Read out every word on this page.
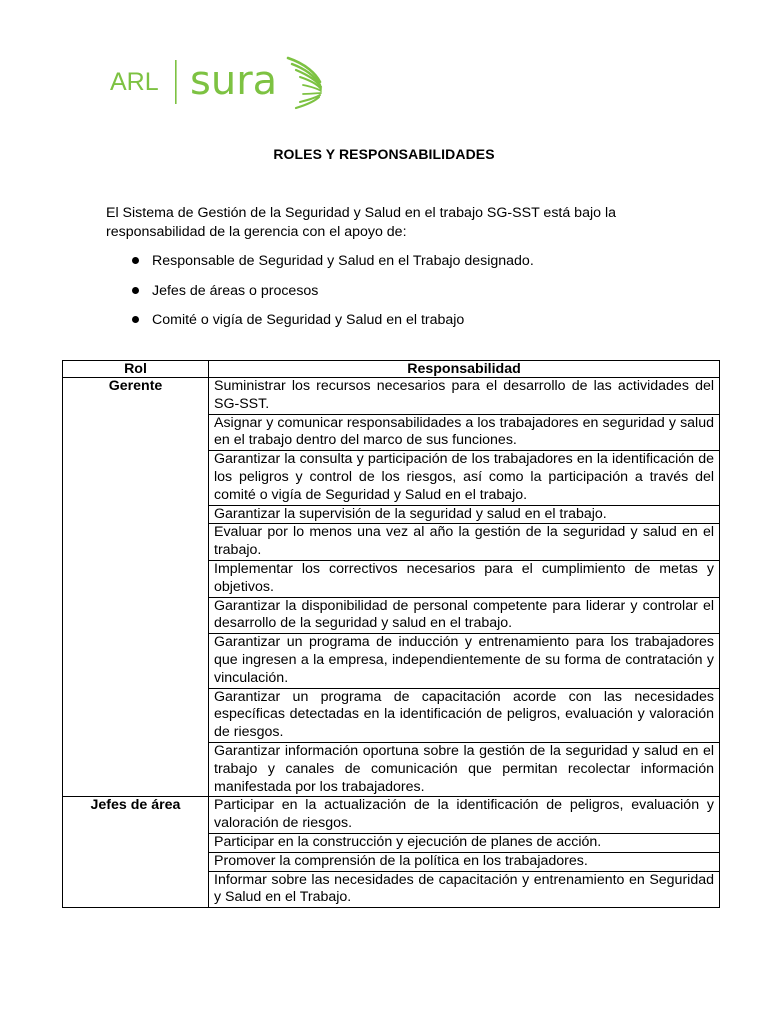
ARL sura
ROLES Y RESPONSABILIDADES
El Sistema de Gestión de la Seguridad y Salud en el trabajo SG-SST está bajo la responsabilidad de la gerencia con el apoyo de:
Responsable de Seguridad y Salud en el Trabajo designado.
Jefes de áreas o procesos
Comité o vigía de Seguridad y Salud en el trabajo
Rol	Responsabilidad
Gerente	Suministrar los recursos necesarios para el desarrollo de las actividades del SG-SST.
	Asignar y comunicar responsabilidades a los trabajadores en seguridad y salud en el trabajo dentro del marco de sus funciones.
	Garantizar la consulta y participación de los trabajadores en la identificación de los peligros y control de los riesgos, así como la participación a través del comité o vigía de Seguridad y Salud en el trabajo.
	Garantizar la supervisión de la seguridad y salud en el trabajo.
	Evaluar por lo menos una vez al año la gestión de la seguridad y salud en el trabajo.
	Implementar los correctivos necesarios para el cumplimiento de metas y objetivos.
	Garantizar la disponibilidad de personal competente para liderar y controlar el desarrollo de la seguridad y salud en el trabajo.
	Garantizar un programa de inducción y entrenamiento para los trabajadores que ingresen a la empresa, independientemente de su forma de contratación y vinculación.
	Garantizar un programa de capacitación acorde con las necesidades específicas detectadas en la identificación de peligros, evaluación y valoración de riesgos.
	Garantizar información oportuna sobre la gestión de la seguridad y salud en el trabajo y canales de comunicación que permitan recolectar información manifestada por los trabajadores.
Jefes de área	Participar en la actualización de la identificación de peligros, evaluación y valoración de riesgos.
	Participar en la construcción y ejecución de planes de acción.
	Promover la comprensión de la política en los trabajadores.
	Informar sobre las necesidades de capacitación y entrenamiento en Seguridad y Salud en el Trabajo.
